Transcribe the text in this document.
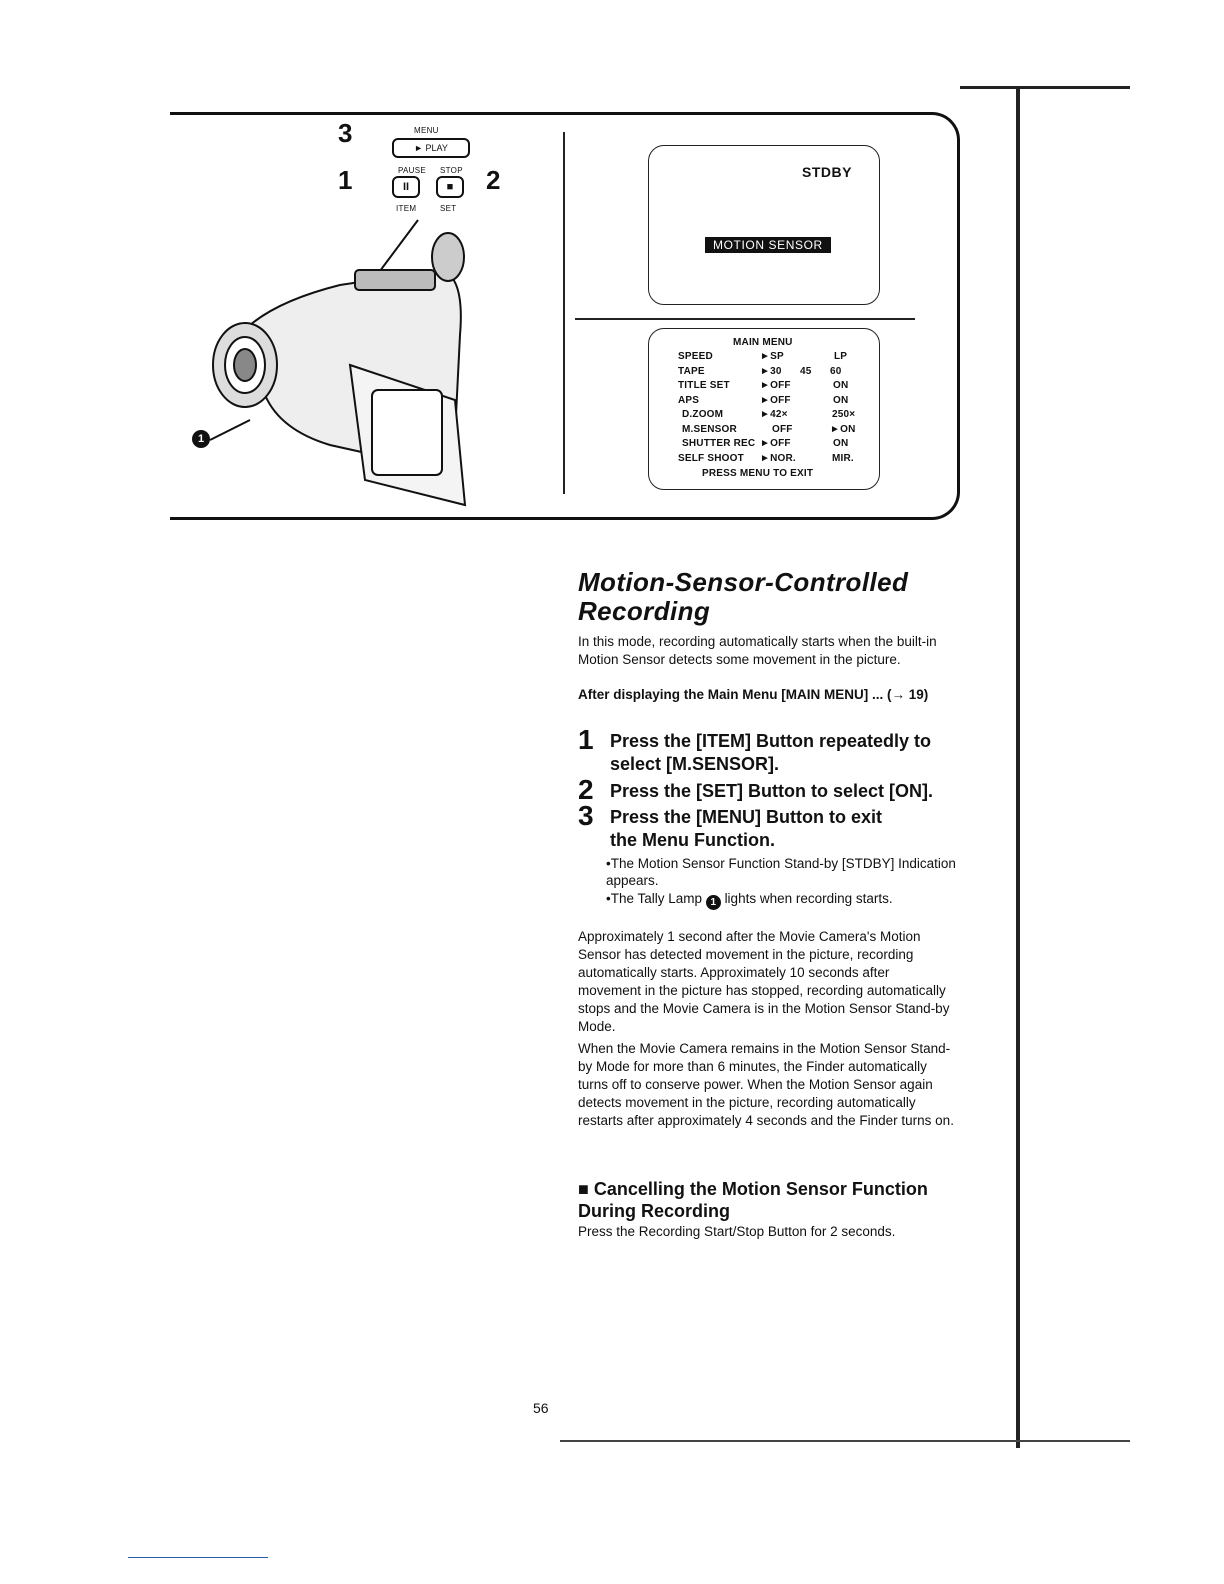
3
1	2
MENU
► PLAY
PAUSE STOP
II	■
ITEM	SET
1
STDBY
MOTION SENSOR
MAIN MENU
SPEED	►SP	LP
TAPE	►30 45 60
TITLE SET	►OFF	ON
APS	►OFF	ON
D.ZOOM	►42×	250×
M.SENSOR	OFF	►ON
SHUTTER REC ►OFF	ON
SELF SHOOT ►NOR.	MIR.
PRESS MENU TO EXIT
Motion-Sensor-Controlled
Recording
In this mode, recording automatically starts when the built-in Motion Sensor detects some movement in the picture.
After displaying the Main Menu [MAIN MENU] ... (→ 19)
1 Press the [ITEM] Button repeatedly to select [M.SENSOR].
2 Press the [SET] Button to select [ON].
3 Press the [MENU] Button to exit the Menu Function.
•The Motion Sensor Function Stand-by [STDBY] Indication appears.
•The Tally Lamp 1 lights when recording starts.
Approximately 1 second after the Movie Camera's Motion Sensor has detected movement in the picture, recording automatically starts. Approximately 10 seconds after movement in the picture has stopped, recording automatically stops and the Movie Camera is in the Motion Sensor Stand-by Mode.
When the Movie Camera remains in the Motion Sensor Stand-by Mode for more than 6 minutes, the Finder automatically turns off to conserve power. When the Motion Sensor again detects movement in the picture, recording automatically restarts after approximately 4 seconds and the Finder turns on.
■ Cancelling the Motion Sensor Function During Recording
Press the Recording Start/Stop Button for 2 seconds.
56
